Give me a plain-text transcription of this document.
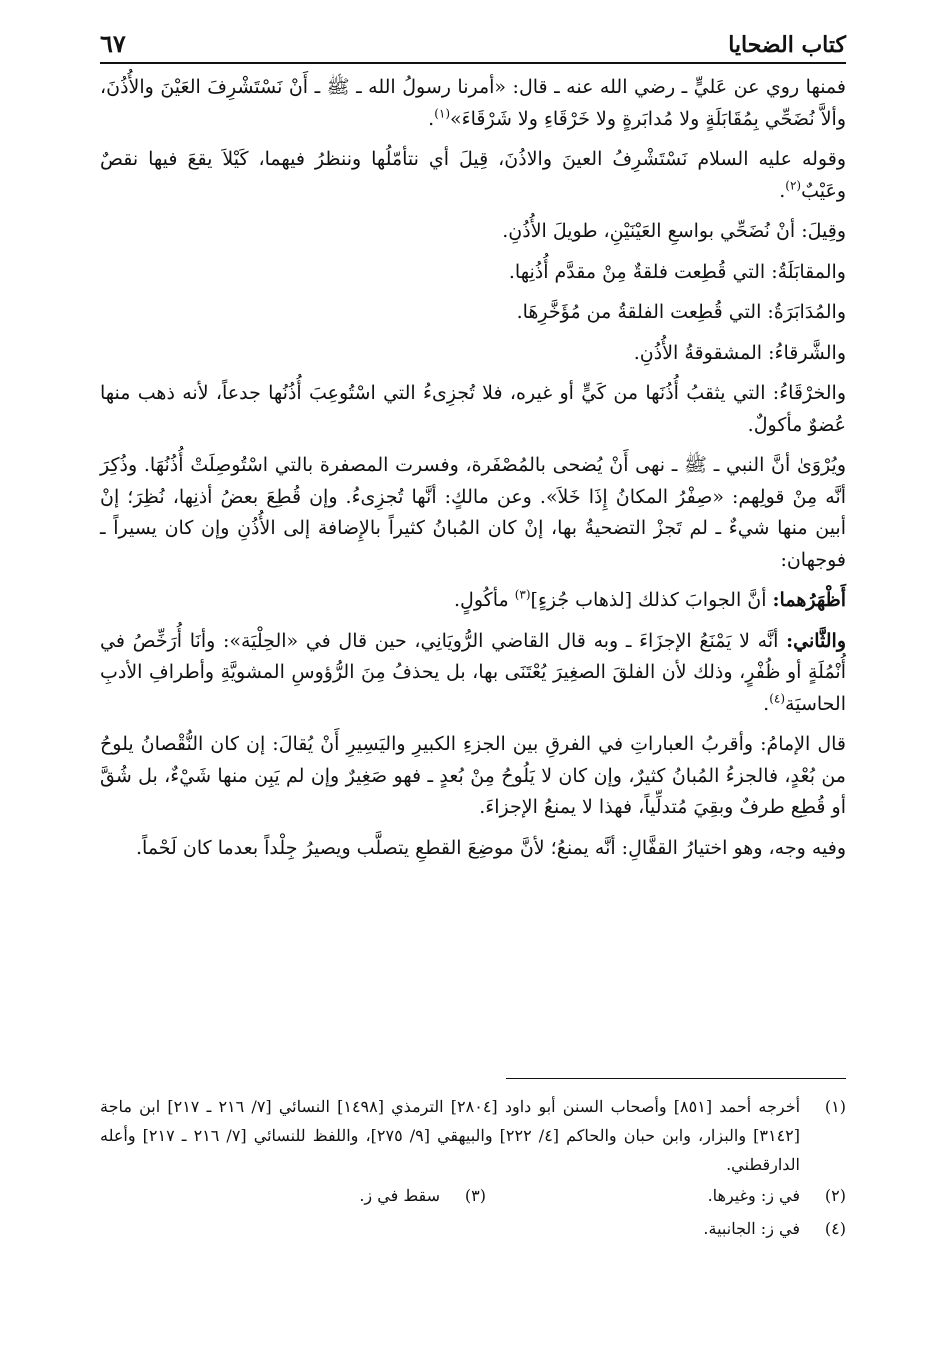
كتاب الضحايا
٦٧

فمنها روي عن عَليٍّ ـ رضي الله عنه ـ قال: «أمرنا رسولُ الله ـ ﷺ ـ أَنْ نَسْتَشْرِفَ العَيْنَ والأُذُنَ، وألاَّ نُضَحِّي بِمُقَابَلَةٍ ولا مُدابَرةٍ ولا خَرْقَاءِ ولا شَرْقَاءَ»$^{(١)}$.

وقوله عليه السلام نَسْتَشْرِفُ العينَ والاذُنَ، قِيلَ أي نتأمّلُها وننظرُ فيهما، كَيْلاَ يقعَ فيها نقصٌ وعَيْبٌ$^{(٢)}$.

وقِيلَ: أنْ نُضَحِّي بواسعِ العَيْنَيْنِ، طويلَ الأُذُنِ.

والمقابَلَةُ: التي قُطِعت فلقةٌ مِنْ مقدَّم أُذُنِها.

والمُدَابَرَةُ: التي قُطِعت الفلقةُ من مُؤَخَّرِهَا.

والشَّرقاءُ: المشقوقةُ الأُذُنِ.

والخرْقَاءُ: التي يثقبُ أُذُنَها من كَيٍّ أو غيره، فلا تُجزِىءُ التي اسْتُوعِبَ أُذُنُها جدعاً، لأنه ذهب منها عُضوٌ مأكولٌ.

ويُرْوَىٰ أنَّ النبي ـ ﷺ ـ نهى أَنْ يُضحى بالمُصْفَرة، وفسرت المصفرة بالتي اسْتُوصِلَتْ أُذُنُهَا. وذُكِرَ أنَّه مِنْ قولِهم: «صِفْرُ المكانُ إِذَا خَلاَ». وعن مالكٍ: أنَّها تُجزِىءُ. وإن قُطِعَ بعضُ أذنِها، نُظِرَ؛ إنْ أبين منها شيءٌ ـ لم تَجزْ التضحيةُ بها، إنْ كان المُبانُ كثيراً بالإِضافة إلى الأُذُنِ وإن كان يسيراً ـ فوجهان:

أَظْهَرُهما: أنَّ الجوابَ كذلك [لذهاب جُزءٍ]$^{(٣)}$ مأكُولٍ.

والثَّاني: أنَّه لا يَمْنَعُ الإجزَاءَ ـ وبه قال القاضي الرُّويَانِي، حين قال في «الحِلْيَة»: وأنَا أُرَخِّصُ في أُنْمُلَةٍ أو ظُفْرٍ، وذلك لأن الفلقَ الصغِيرَ يُعْتَنَى بها، بل يحذفُ مِنَ الرُّؤوسِ المشويَّةِ وأطرافِ الأدبِ الحاسيَة$^{(٤)}$.

قال الإمامُ: وأقربُ العباراتِ في الفرقِ بين الجزءِ الكبيرِ واليَسِيرِ أَنْ يُقالَ: إن كان النُّقْصانُ يلوحُ من بُعْدٍ، فالجزءُ المُبانُ كثيرٌ، وإن كان لا يَلُوحُ مِنْ بُعدٍ ـ فهو صَغِيرٌ وإن لم يَبِن منها شَيْءٌ، بل شُقَّ أو قُطِع طرفٌ وبقِيَ مُتدلِّياً، فهذا لا يمنعُ الإجزاءَ.

وفيه وجه، وهو اختيارُ القفَّالِ: أنَّه يمنعُ؛ لأنَّ موضِعَ القطعِ يتصلَّب ويصيرُ جِلْداً بعدما كان لَحْماً.

(١)
أخرجه أحمد [٨٥١] وأصحاب السنن أبو داود [٢٨٠٤] الترمذي [١٤٩٨] النسائي [٧/ ٢١٦ ـ ٢١٧] ابن ماجة [٣١٤٢] والبزار، وابن حبان والحاكم [٤/ ٢٢٢] والبيهقي [٩/ ٢٧٥]، واللفظ للنسائي [٧/ ٢١٦ ـ ٢١٧] وأعله الدارقطني.
(٢)
في ز: وغيرها.
(٣)
سقط في ز.
(٤)
في ز: الجانبية.
